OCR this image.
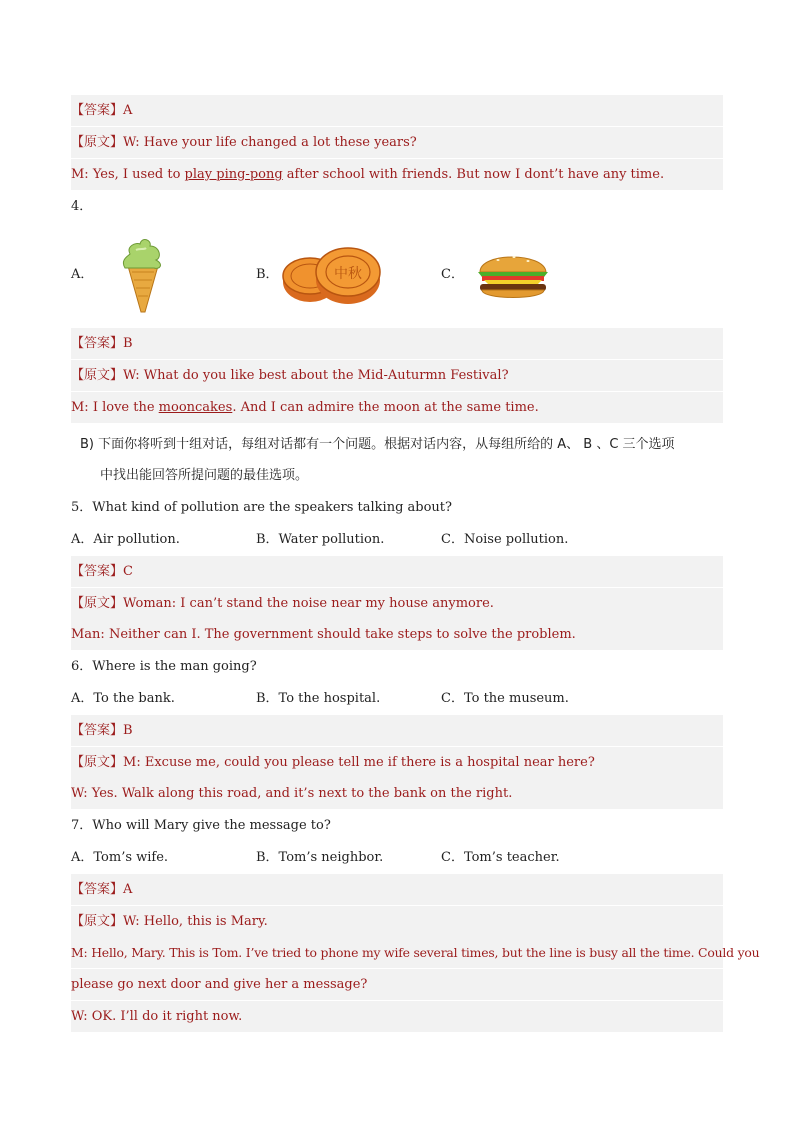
【答案】A
【原文】W: Have your life changed a lot these years?
M: Yes, I used to play ping-pong after school with friends. But now I dont’t have any time.
4．
A．	B．	中秋	C．
【答案】B
【原文】W: What do you like best about the Mid-Auturmn Festival?
M: I love the mooncakes. And I can admire the moon at the same time.
B) 下面你将听到十组对话，每组对话都有一个问题。根据对话内容，从每组所给的 A、 B 、C 三个选项
中找出能回答所提问题的最佳选项。
5．What kind of pollution are the speakers talking about?
A．Air pollution.	B．Water pollution.	C．Noise pollution.
【答案】C
【原文】Woman: I can’t stand the noise near my house anymore.
Man: Neither can I. The government should take steps to solve the problem.
6．Where is the man going?
A．To the bank.	B．To the hospital.	C．To the museum.
【答案】B
【原文】M: Excuse me, could you please tell me if there is a hospital near here?
W: Yes. Walk along this road, and it’s next to the bank on the right.
7．Who will Mary give the message to?
A．Tom’s wife.	B．Tom’s neighbor.	C．Tom’s teacher.
【答案】A
【原文】W: Hello, this is Mary.
M: Hello, Mary. This is Tom. I’ve tried to phone my wife several times, but the line is busy all the time. Could you
please go next door and give her a message?
W: OK. I’ll do it right now.
